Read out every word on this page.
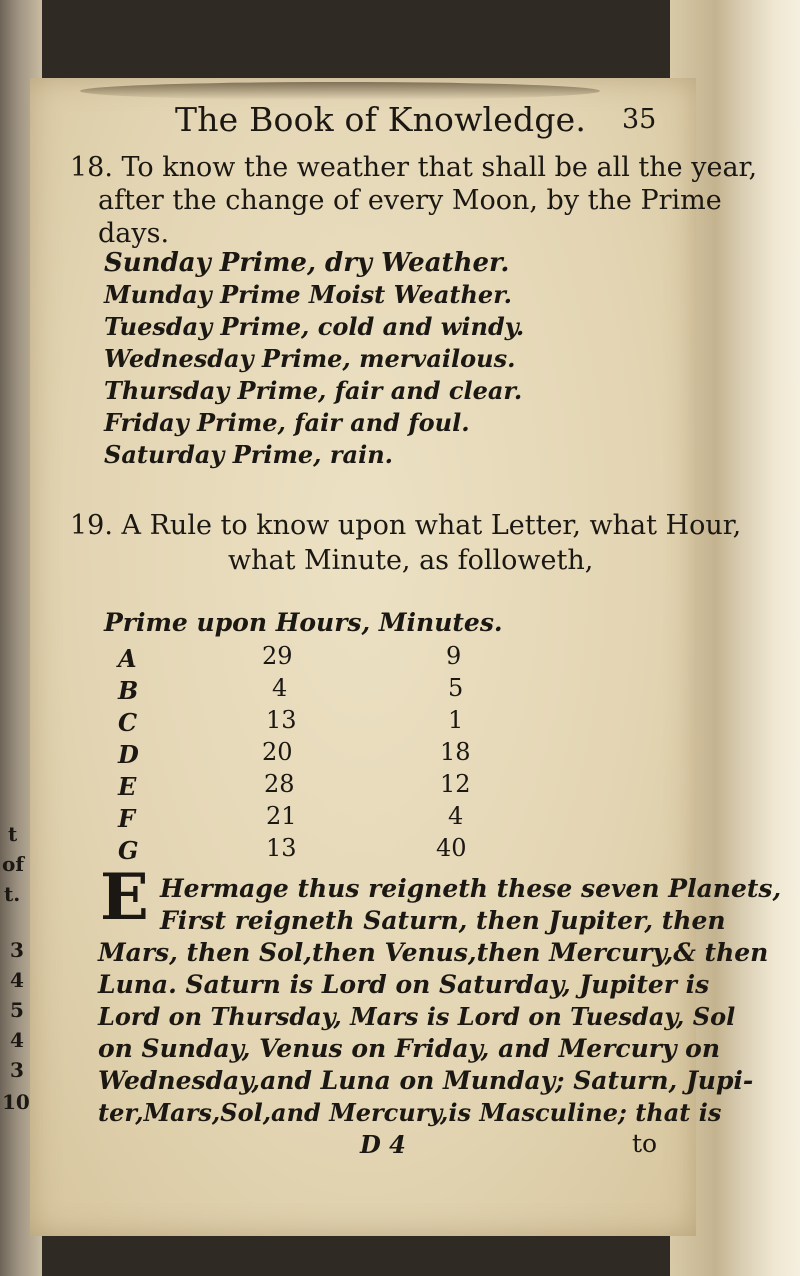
t
of
t.
3
4
5
4
3
10
The Book of Knowledge. 35
18. To know the weather that shall be all the year,
after the change of every Moon, by the Prime
days.
Sunday Prime, dry Weather.
Munday Prime Moist Weather.
Tuesday Prime, cold and windy.
Wednesday Prime, mervailous.
Thursday Prime, fair and clear.
Friday Prime, fair and foul.
Saturday Prime, rain.
19. A Rule to know upon what Letter, what Hour,
what Minute, as followeth,
Prime upon Hours, Minutes.
A	29	9
B	4	5
C	13	1
D	20	18
E	28	12
F	21	4
G	13	40
E Hermage thus reigneth these seven Planets,
First reigneth Saturn, then Jupiter, then
Mars, then Sol,then Venus,then Mercury,& then
Luna. Saturn is Lord on Saturday, Jupiter is
Lord on Thursday, Mars is Lord on Tuesday, Sol
on Sunday, Venus on Friday, and Mercury on
Wednesday,and Luna on Munday; Saturn, Jupi-
ter,Mars,Sol,and Mercury,is Masculine; that is
D 4	to
